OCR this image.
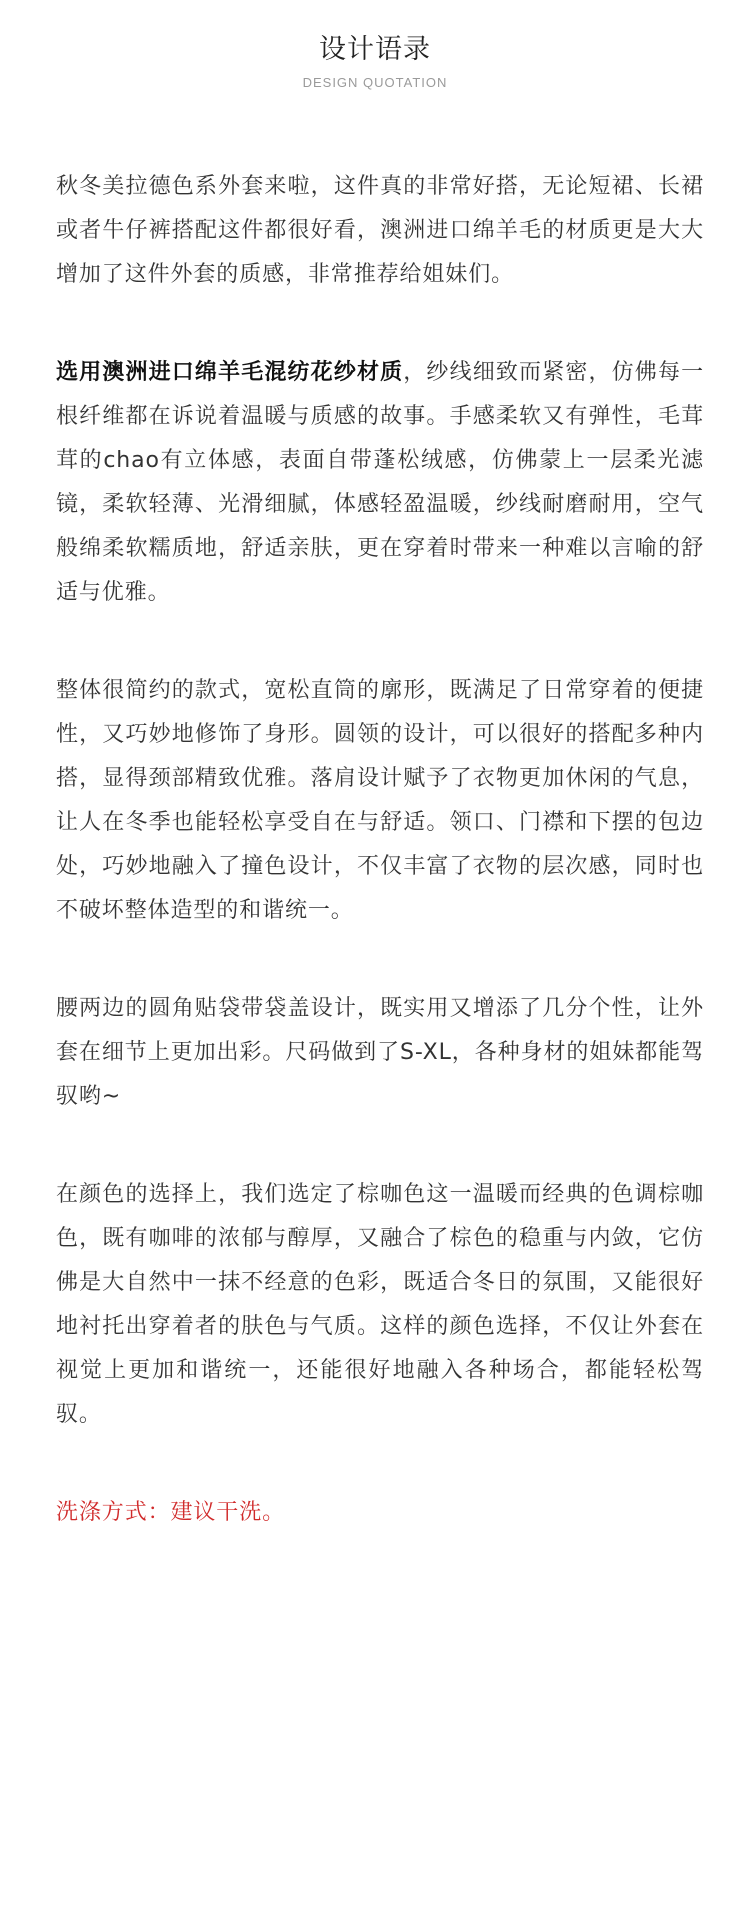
设计语录
DESIGN QUOTATION

秋冬美拉德色系外套来啦，这件真的非常好搭，无论短裙、长裙或者牛仔裤搭配这件都很好看，澳洲进口绵羊毛的材质更是大大增加了这件外套的质感，非常推荐给姐妹们。

选用澳洲进口绵羊毛混纺花纱材质，纱线细致而紧密，仿佛每一根纤维都在诉说着温暖与质感的故事。手感柔软又有弹性，毛茸茸的chao有立体感，表面自带蓬松绒感，仿佛蒙上一层柔光滤镜，柔软轻薄、光滑细腻，体感轻盈温暖，纱线耐磨耐用，空气般绵柔软糯质地，舒适亲肤，更在穿着时带来一种难以言喻的舒适与优雅。

整体很简约的款式，宽松直筒的廓形，既满足了日常穿着的便捷性，又巧妙地修饰了身形。圆领的设计，可以很好的搭配多种内搭，显得颈部精致优雅。落肩设计赋予了衣物更加休闲的气息，让人在冬季也能轻松享受自在与舒适。领口、门襟和下摆的包边处，巧妙地融入了撞色设计，不仅丰富了衣物的层次感，同时也不破坏整体造型的和谐统一。

腰两边的圆角贴袋带袋盖设计，既实用又增添了几分个性，让外套在细节上更加出彩。尺码做到了S-XL，各种身材的姐妹都能驾驭哟~

在颜色的选择上，我们选定了棕咖色这一温暖而经典的色调棕咖色，既有咖啡的浓郁与醇厚，又融合了棕色的稳重与内敛，它仿佛是大自然中一抹不经意的色彩，既适合冬日的氛围，又能很好地衬托出穿着者的肤色与气质。这样的颜色选择，不仅让外套在视觉上更加和谐统一，还能很好地融入各种场合，都能轻松驾驭。

洗涤方式：建议干洗。
